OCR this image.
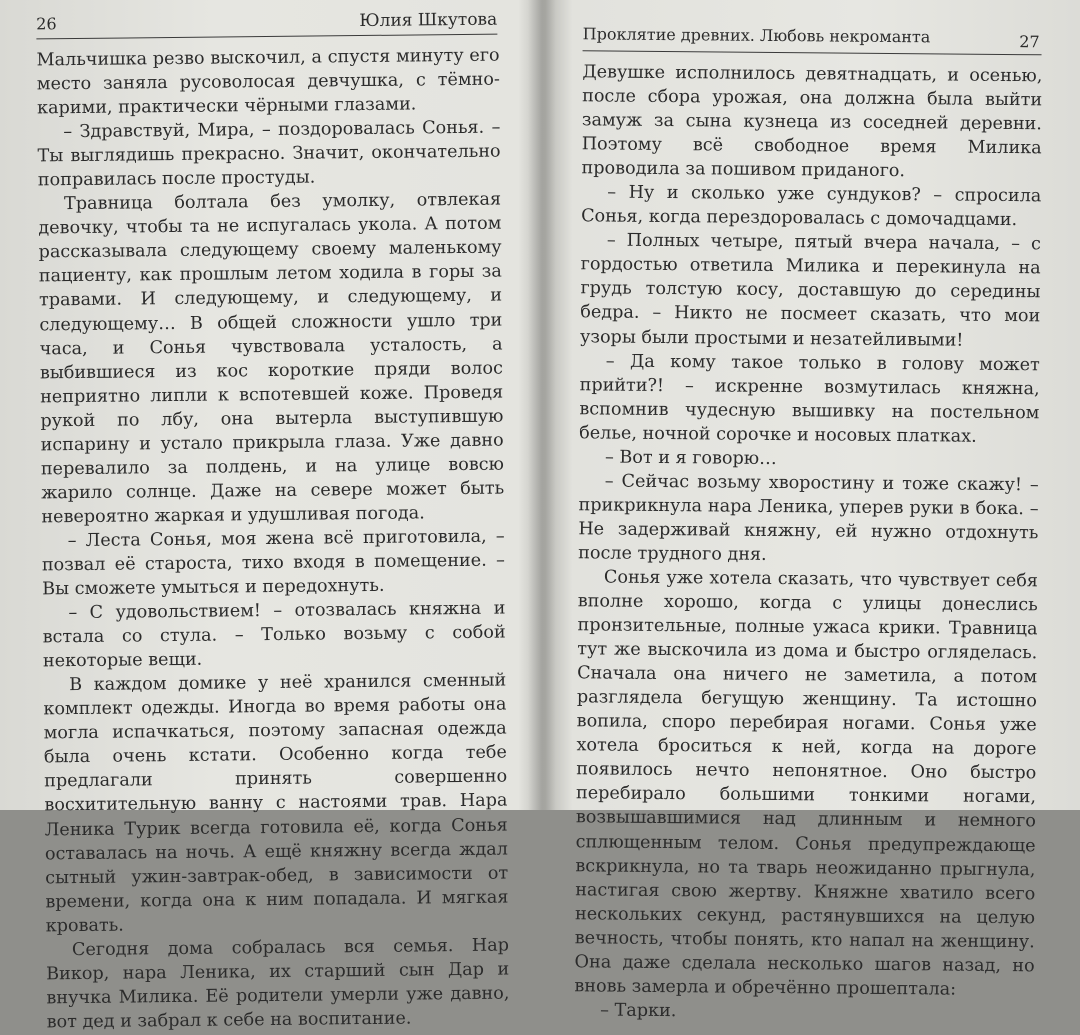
26	Юлия Шкутова

Мальчишка резво выскочил, а спустя минуту его место заняла русоволосая девчушка, с тёмно-карими, практически чёрными глазами.

– Здравствуй, Мира, – поздоровалась Сонья. – Ты выглядишь прекрасно. Значит, окончательно поправилась после простуды.

Травница болтала без умолку, отвлекая девочку, чтобы та не испугалась укола. А потом рассказывала следующему своему маленькому пациенту, как прошлым летом ходила в горы за травами. И следующему, и следующему, и следующему… В общей сложности ушло три часа, и Сонья чувствовала усталость, а выбившиеся из кос короткие пряди волос неприятно липли к вспотевшей коже. Проведя рукой по лбу, она вытерла выступившую испарину и устало прикрыла глаза. Уже давно перевалило за полдень, и на улице вовсю жарило солнце. Даже на севере может быть невероятно жаркая и удушливая погода.

– Леста Сонья, моя жена всё приготовила, – позвал её староста, тихо входя в помещение. – Вы сможете умыться и передохнуть.

– С удовольствием! – отозвалась княжна и встала со стула. – Только возьму с собой некоторые вещи.

В каждом домике у неё хранился сменный комплект одежды. Иногда во время работы она могла испачкаться, поэтому запасная одежда была очень кстати. Особенно когда тебе предлагали принять совершенно восхитительную ванну с настоями трав. Нара Леника Турик всегда готовила её, когда Сонья оставалась на ночь. А ещё княжну всегда ждал сытный ужин-завтрак-обед, в зависимости от времени, когда она к ним попадала. И мягкая кровать.

Сегодня дома собралась вся семья. Нар Викор, нара Леника, их старший сын Дар и внучка Милика. Её родители умерли уже давно, вот дед и забрал к себе на воспитание.

Проклятие древних. Любовь некроманта	27

Девушке исполнилось девятнадцать, и осенью, после сбора урожая, она должна была выйти замуж за сына кузнеца из соседней деревни. Поэтому всё свободное время Милика проводила за пошивом приданого.

– Ну и сколько уже сундуков? – спросила Сонья, когда перездоровалась с домочадцами.

– Полных четыре, пятый вчера начала, – с гордостью ответила Милика и перекинула на грудь толстую косу, доставшую до середины бедра. – Никто не посмеет сказать, что мои узоры были простыми и незатейливыми!

– Да кому такое только в голову может прийти?! – искренне возмутилась княжна, вспомнив чудесную вышивку на постельном белье, ночной сорочке и носовых платках.

– Вот и я говорю…

– Сейчас возьму хворостину и тоже скажу! – прикрикнула нара Леника, уперев руки в бока. – Не задерживай княжну, ей нужно отдохнуть после трудного дня.

Сонья уже хотела сказать, что чувствует себя вполне хорошо, когда с улицы донеслись пронзительные, полные ужаса крики. Травница тут же выскочила из дома и быстро огляделась. Сначала она ничего не заметила, а потом разглядела бегущую женщину. Та истошно вопила, споро перебирая ногами. Сонья уже хотела броситься к ней, когда на дороге появилось нечто непонятное. Оно быстро перебирало большими тонкими ногами, возвышавшимися над длинным и немного сплющенным телом. Сонья предупреждающе вскрикнула, но та тварь неожиданно прыгнула, настигая свою жертву. Княжне хватило всего нескольких секунд, растянувшихся на целую вечность, чтобы понять, кто напал на женщину. Она даже сделала несколько шагов назад, но вновь замерла и обречённо прошептала:

– Тарки.
